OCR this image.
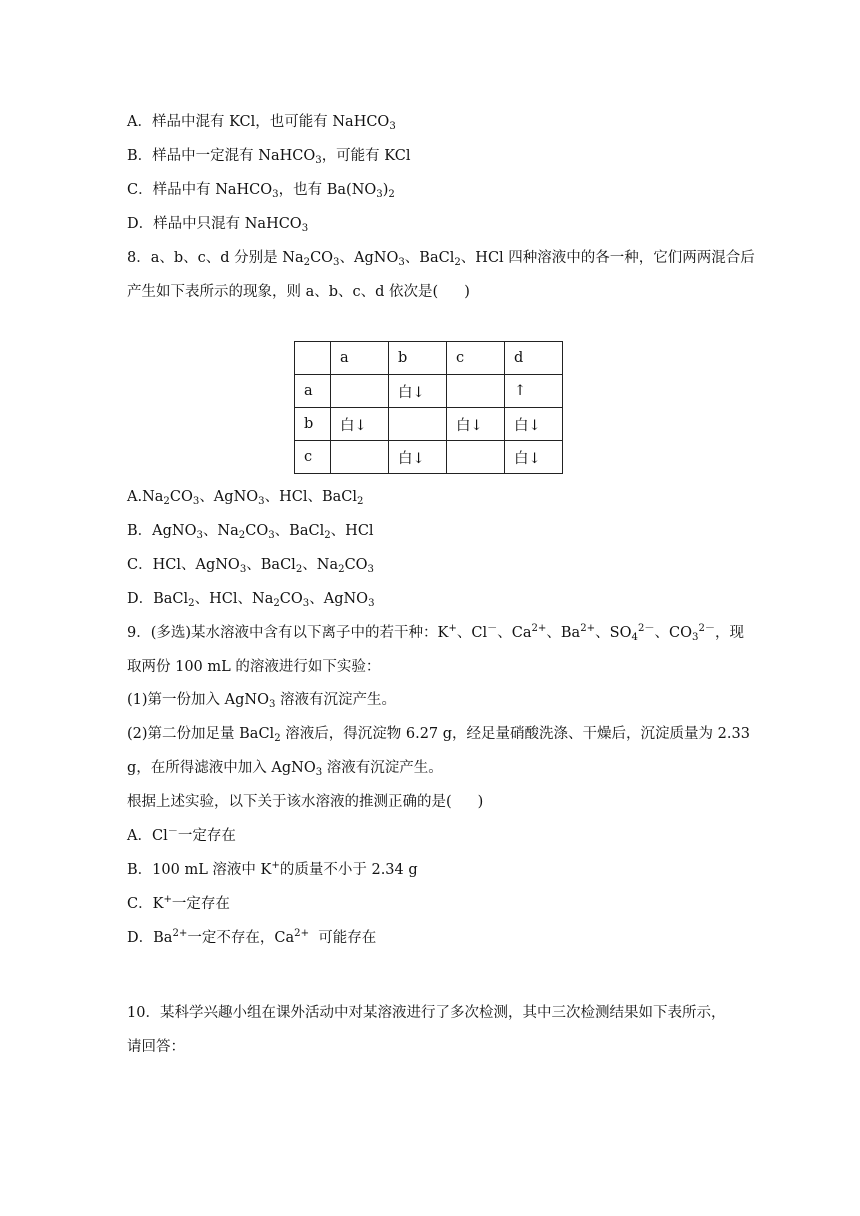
A．样品中混有 KCl，也可能有 NaHCO$_3$
B．样品中一定混有 NaHCO$_3$，可能有 KCl
C．样品中有 NaHCO$_3$，也有 $Ba(NO_3)_2$
D．样品中只混有 NaHCO$_3$
8．a、b、c、d 分别是 $Na_2CO_3$、AgNO$_3$、BaCl$_2$、HCl 四种溶液中的各一种，它们两两混合后
产生如下表所示的现象，则 a、b、c、d 依次是( )
	a	b	c	d
a		白↓		↑
b	白↓		白↓	白↓
c		白↓		白↓
$A.Na_2CO_3$、AgNO$_3$、HCl、BaCl$_2$
B．AgNO$_3$、$Na_2CO_3$、BaCl$_2$、HCl
C．HCl、AgNO$_3$、BaCl$_2$、$Na_2CO_3$
D．BaCl$_2$、HCl、$Na_2CO_3$、AgNO$_3$
9．(多选)某水溶液中含有以下离子中的若干种：K+、Cl－、$Ca^{2+}$、$Ba^{2+}$、$SO_4^{2-}$、$CO_3^{2-}$，现
取两份 100 mL 的溶液进行如下实验：
(1)第一份加入 AgNO$_3$ 溶液有沉淀产生。
(2)第二份加足量 BaCl$_2$ 溶液后，得沉淀物 6.27 g，经足量硝酸洗涤、干燥后，沉淀质量为 2.33
g，在所得滤液中加入 AgNO$_3$ 溶液有沉淀产生。
根据上述实验，以下关于该水溶液的推测正确的是( )
A．Cl－一定存在
B．100 mL 溶液中 K+的质量不小于 2.34 g
C．K+一定存在
D．$Ba^{2+}$一定不存在，$Ca^{2+}$  可能存在
10．某科学兴趣小组在课外活动中对某溶液进行了多次检测，其中三次检测结果如下表所示，
请回答：
